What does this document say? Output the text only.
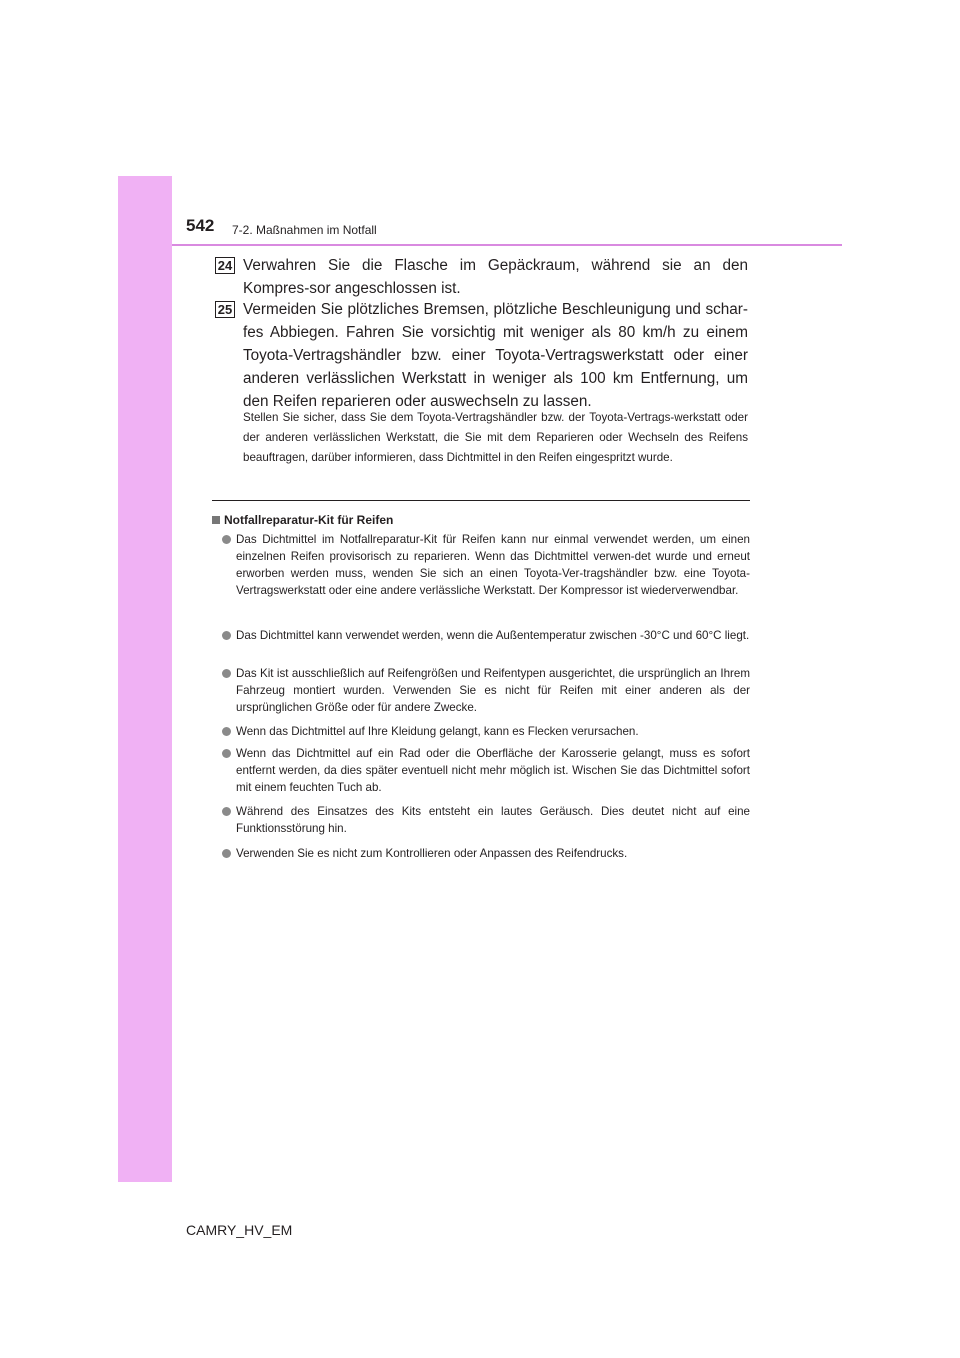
542 7-2. Maßnahmen im Notfall
24 Verwahren Sie die Flasche im Gepäckraum, während sie an den Kompres-sor angeschlossen ist.
25 Vermeiden Sie plötzliches Bremsen, plötzliche Beschleunigung und schar-fes Abbiegen. Fahren Sie vorsichtig mit weniger als 80 km/h zu einem Toyota-Vertragshändler bzw. einer Toyota-Vertragswerkstatt oder einer anderen verlässlichen Werkstatt in weniger als 100 km Entfernung, um den Reifen reparieren oder auswechseln zu lassen.
Stellen Sie sicher, dass Sie dem Toyota-Vertragshändler bzw. der Toyota-Vertrags-werkstatt oder der anderen verlässlichen Werkstatt, die Sie mit dem Reparieren oder Wechseln des Reifens beauftragen, darüber informieren, dass Dichtmittel in den Reifen eingespritzt wurde.
Notfallreparatur-Kit für Reifen
Das Dichtmittel im Notfallreparatur-Kit für Reifen kann nur einmal verwendet werden, um einen einzelnen Reifen provisorisch zu reparieren. Wenn das Dichtmittel verwen-det wurde und erneut erworben werden muss, wenden Sie sich an einen Toyota-Ver-tragshändler bzw. eine Toyota-Vertragswerkstatt oder eine andere verlässliche Werkstatt. Der Kompressor ist wiederverwendbar.
Das Dichtmittel kann verwendet werden, wenn die Außentemperatur zwischen -30°C und 60°C liegt.
Das Kit ist ausschließlich auf Reifengrößen und Reifentypen ausgerichtet, die ursprünglich an Ihrem Fahrzeug montiert wurden. Verwenden Sie es nicht für Reifen mit einer anderen als der ursprünglichen Größe oder für andere Zwecke.
Wenn das Dichtmittel auf Ihre Kleidung gelangt, kann es Flecken verursachen.
Wenn das Dichtmittel auf ein Rad oder die Oberfläche der Karosserie gelangt, muss es sofort entfernt werden, da dies später eventuell nicht mehr möglich ist. Wischen Sie das Dichtmittel sofort mit einem feuchten Tuch ab.
Während des Einsatzes des Kits entsteht ein lautes Geräusch. Dies deutet nicht auf eine Funktionsstörung hin.
Verwenden Sie es nicht zum Kontrollieren oder Anpassen des Reifendrucks.
CAMRY_HV_EM
